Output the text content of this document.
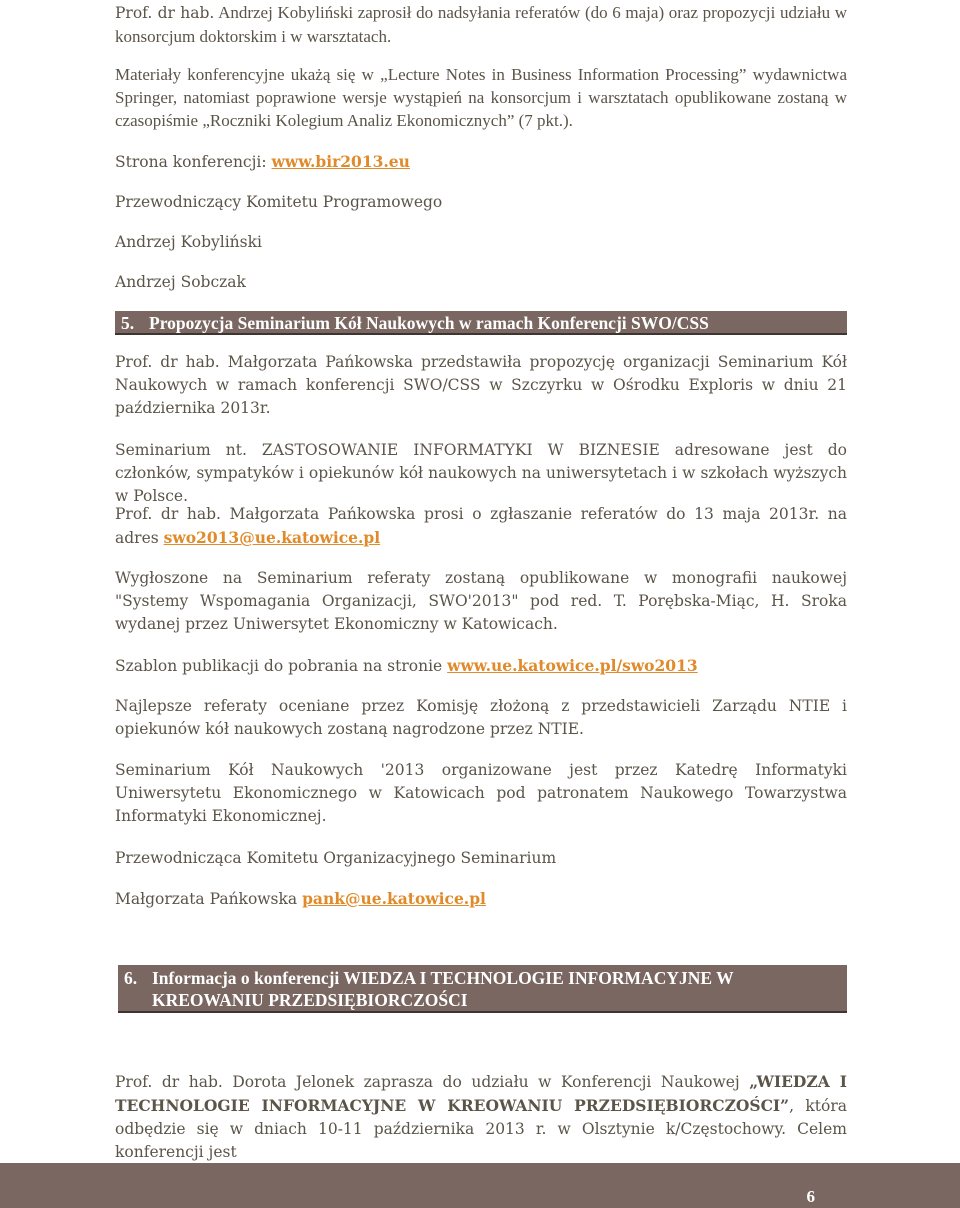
Prof. dr hab. Andrzej Kobyliński zaprosił do nadsyłania referatów (do 6 maja) oraz propozycji udziału w konsorcjum doktorskim i w warsztatach.

Materiały konferencyjne ukażą się w „Lecture Notes in Business Information Processing” wydawnictwa Springer, natomiast poprawione wersje wystąpień na konsorcjum i warsztatach opublikowane zostaną w czasopiśmie „Roczniki Kolegium Analiz Ekonomicznych” (7 pkt.).

Strona konferencji: www.bir2013.eu

Przewodniczący Komitetu Programowego

Andrzej Kobyliński

Andrzej Sobczak

5. Propozycja Seminarium Kół Naukowych w ramach Konferencji SWO/CSS

Prof. dr hab. Małgorzata Pańkowska przedstawiła propozycję organizacji Seminarium Kół Naukowych w ramach konferencji SWO/CSS w Szczyrku w Ośrodku Exploris w dniu 21 października 2013r.

Seminarium nt. ZASTOSOWANIE INFORMATYKI W BIZNESIE adresowane jest do członków, sympatyków i opiekunów kół naukowych na uniwersytetach i w szkołach wyższych w Polsce.

Prof. dr hab. Małgorzata Pańkowska prosi o zgłaszanie referatów do 13 maja 2013r. na adres swo2013@ue.katowice.pl

Wygłoszone na Seminarium referaty zostaną opublikowane w monografii naukowej "Systemy Wspomagania Organizacji, SWO'2013" pod red. T. Porębska-Miąc, H. Sroka wydanej przez Uniwersytet Ekonomiczny w Katowicach.

Szablon publikacji do pobrania na stronie www.ue.katowice.pl/swo2013

Najlepsze referaty oceniane przez Komisję złożoną z przedstawicieli Zarządu NTIE i opiekunów kół naukowych zostaną nagrodzone przez NTIE.

Seminarium Kół Naukowych '2013 organizowane jest przez Katedrę Informatyki Uniwersytetu Ekonomicznego w Katowicach pod patronatem Naukowego Towarzystwa Informatyki Ekonomicznej.

Przewodnicząca Komitetu Organizacyjnego Seminarium

Małgorzata Pańkowska pank@ue.katowice.pl

6. Informacja o konferencji WIEDZA I TECHNOLOGIE INFORMACYJNE W KREOWANIU PRZEDSIĘBIORCZOŚCI

Prof. dr hab. Dorota Jelonek zaprasza do udziału w Konferencji Naukowej „WIEDZA I TECHNOLOGIE INFORMACYJNE W KREOWANIU PRZEDSIĘBIORCZOŚCI”, która odbędzie się w dniach 10-11 października 2013 r. w Olsztynie k/Częstochowy. Celem konferencji jest

6
